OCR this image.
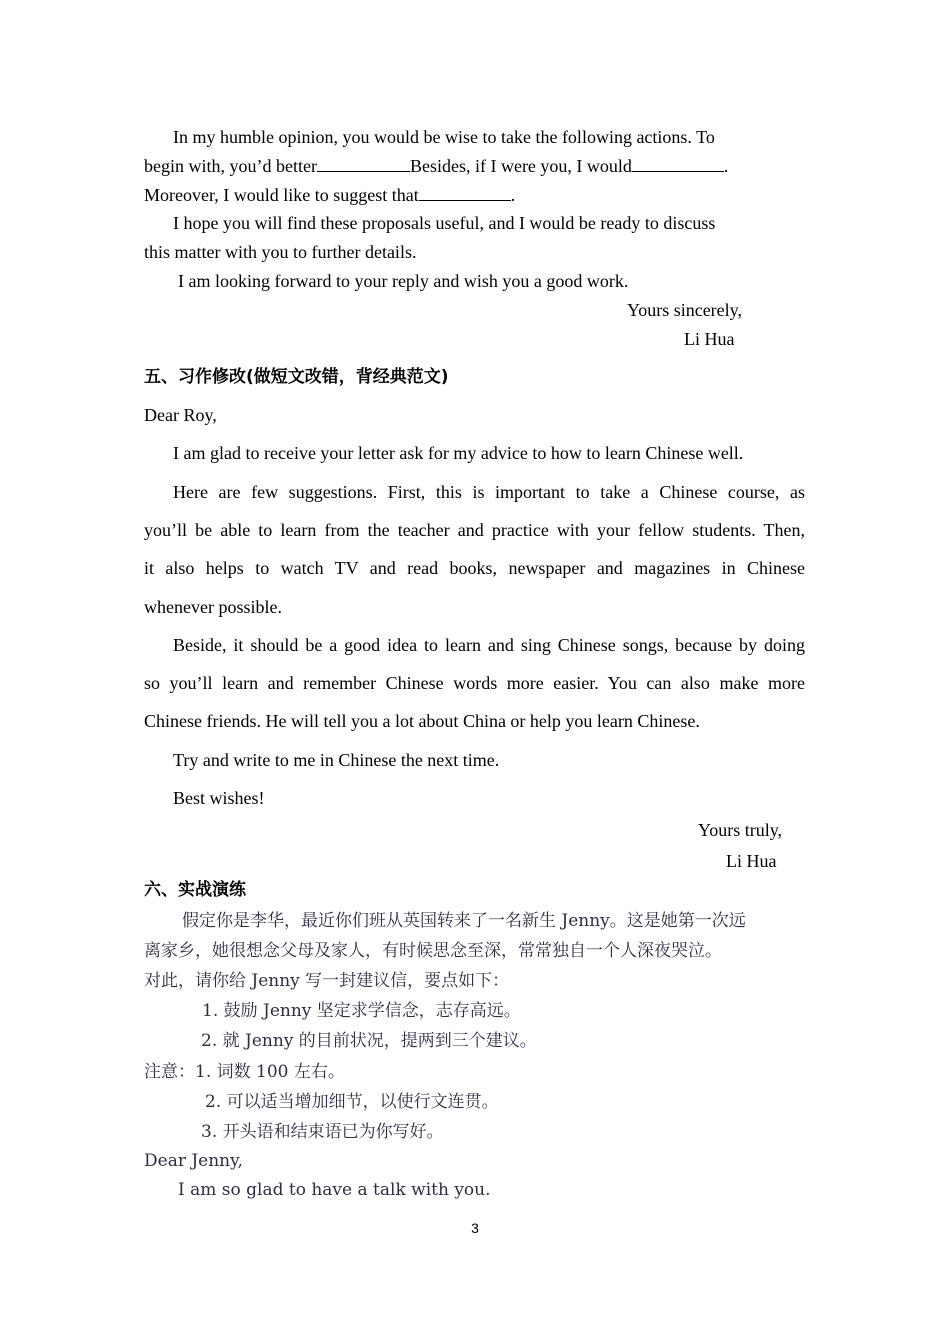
In my humble opinion, you would be wise to take the following actions. To
begin with, you’d better	Besides, if I were you, I would	.
Moreover, I would like to suggest that	.
I hope you will find these proposals useful, and I would be ready to discuss
this matter with you to further details.
I am looking forward to your reply and wish you a good work.
Yours sincerely,
Li Hua
五、习作修改(做短文改错，背经典范文)
Dear Roy,
I am glad to receive your letter ask for my advice to how to learn Chinese well.
Here are few suggestions. First, this is important to take a Chinese course, as
you’ll be able to learn from the teacher and practice with your fellow students. Then,
it also helps to watch TV and read books, newspaper and magazines in Chinese
whenever possible.
Beside, it should be a good idea to learn and sing Chinese songs, because by doing
so you’ll learn and remember Chinese words more easier. You can also make more
Chinese friends. He will tell you a lot about China or help you learn Chinese.
Try and write to me in Chinese the next time.
Best wishes!
Yours truly,
Li Hua
六、实战演练
假定你是李华，最近你们班从英国转来了一名新生 Jenny。这是她第一次远
离家乡，她很想念父母及家人，有时候思念至深，常常独自一个人深夜哭泣。
对此，请你给 Jenny 写一封建议信，要点如下：
1. 鼓励 Jenny 坚定求学信念，志存高远。
2. 就 Jenny 的目前状况，提两到三个建议。
注意：1. 词数 100 左右。
2. 可以适当增加细节，以使行文连贯。
3. 开头语和结束语已为你写好。
Dear Jenny,
I am so glad to have a talk with you.
3
